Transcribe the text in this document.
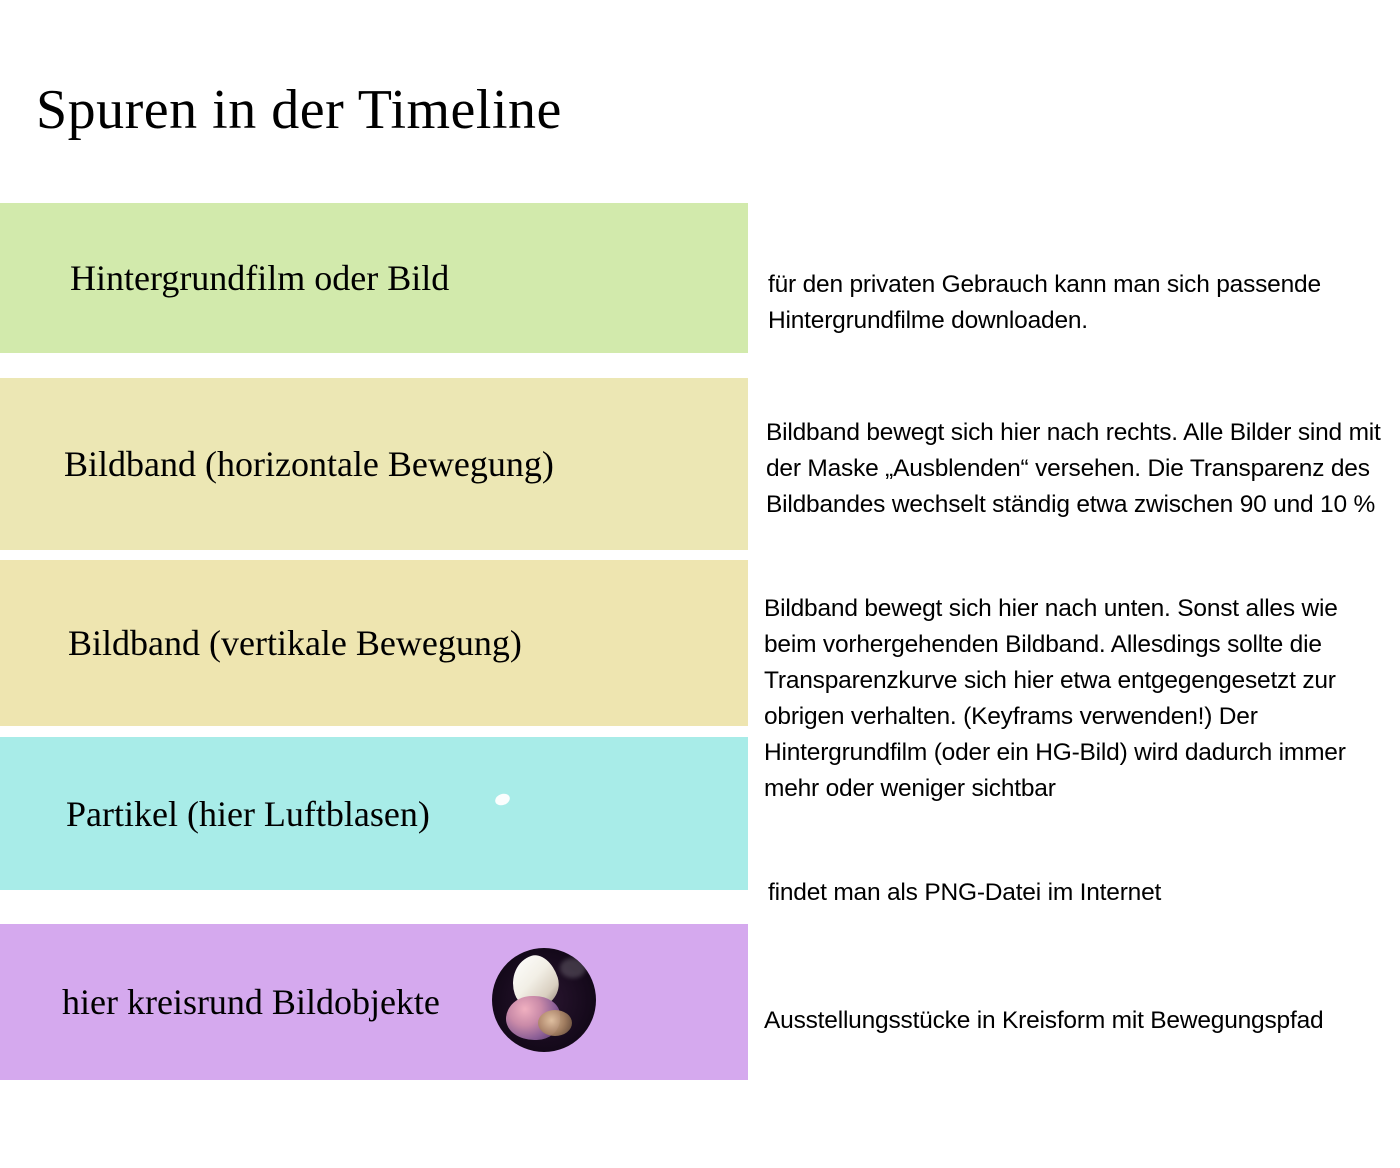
Spuren in der Timeline
Hintergrundfilm oder Bild
Bildband (horizontale Bewegung)
Bildband (vertikale Bewegung)
Partikel (hier Luftblasen)
hier kreisrund Bildobjekte

für den privaten Gebrauch kann man sich passende Hintergrundfilme downloaden.

Bildband bewegt sich hier nach rechts. Alle Bilder sind mit der Maske „Ausblenden“ versehen. Die Transparenz des Bildbandes wechselt ständig etwa zwischen 90 und 10 %

Bildband bewegt sich hier nach unten. Sonst alles wie beim vorhergehenden Bildband. Allesdings sollte die Transparenzkurve sich hier etwa entgegengesetzt zur obrigen verhalten. (Keyframs verwenden!) Der Hintergrundfilm (oder ein HG-Bild) wird dadurch immer mehr oder weniger sichtbar

findet man als PNG-Datei im Internet

Ausstellungsstücke in Kreisform mit Bewegungspfad
